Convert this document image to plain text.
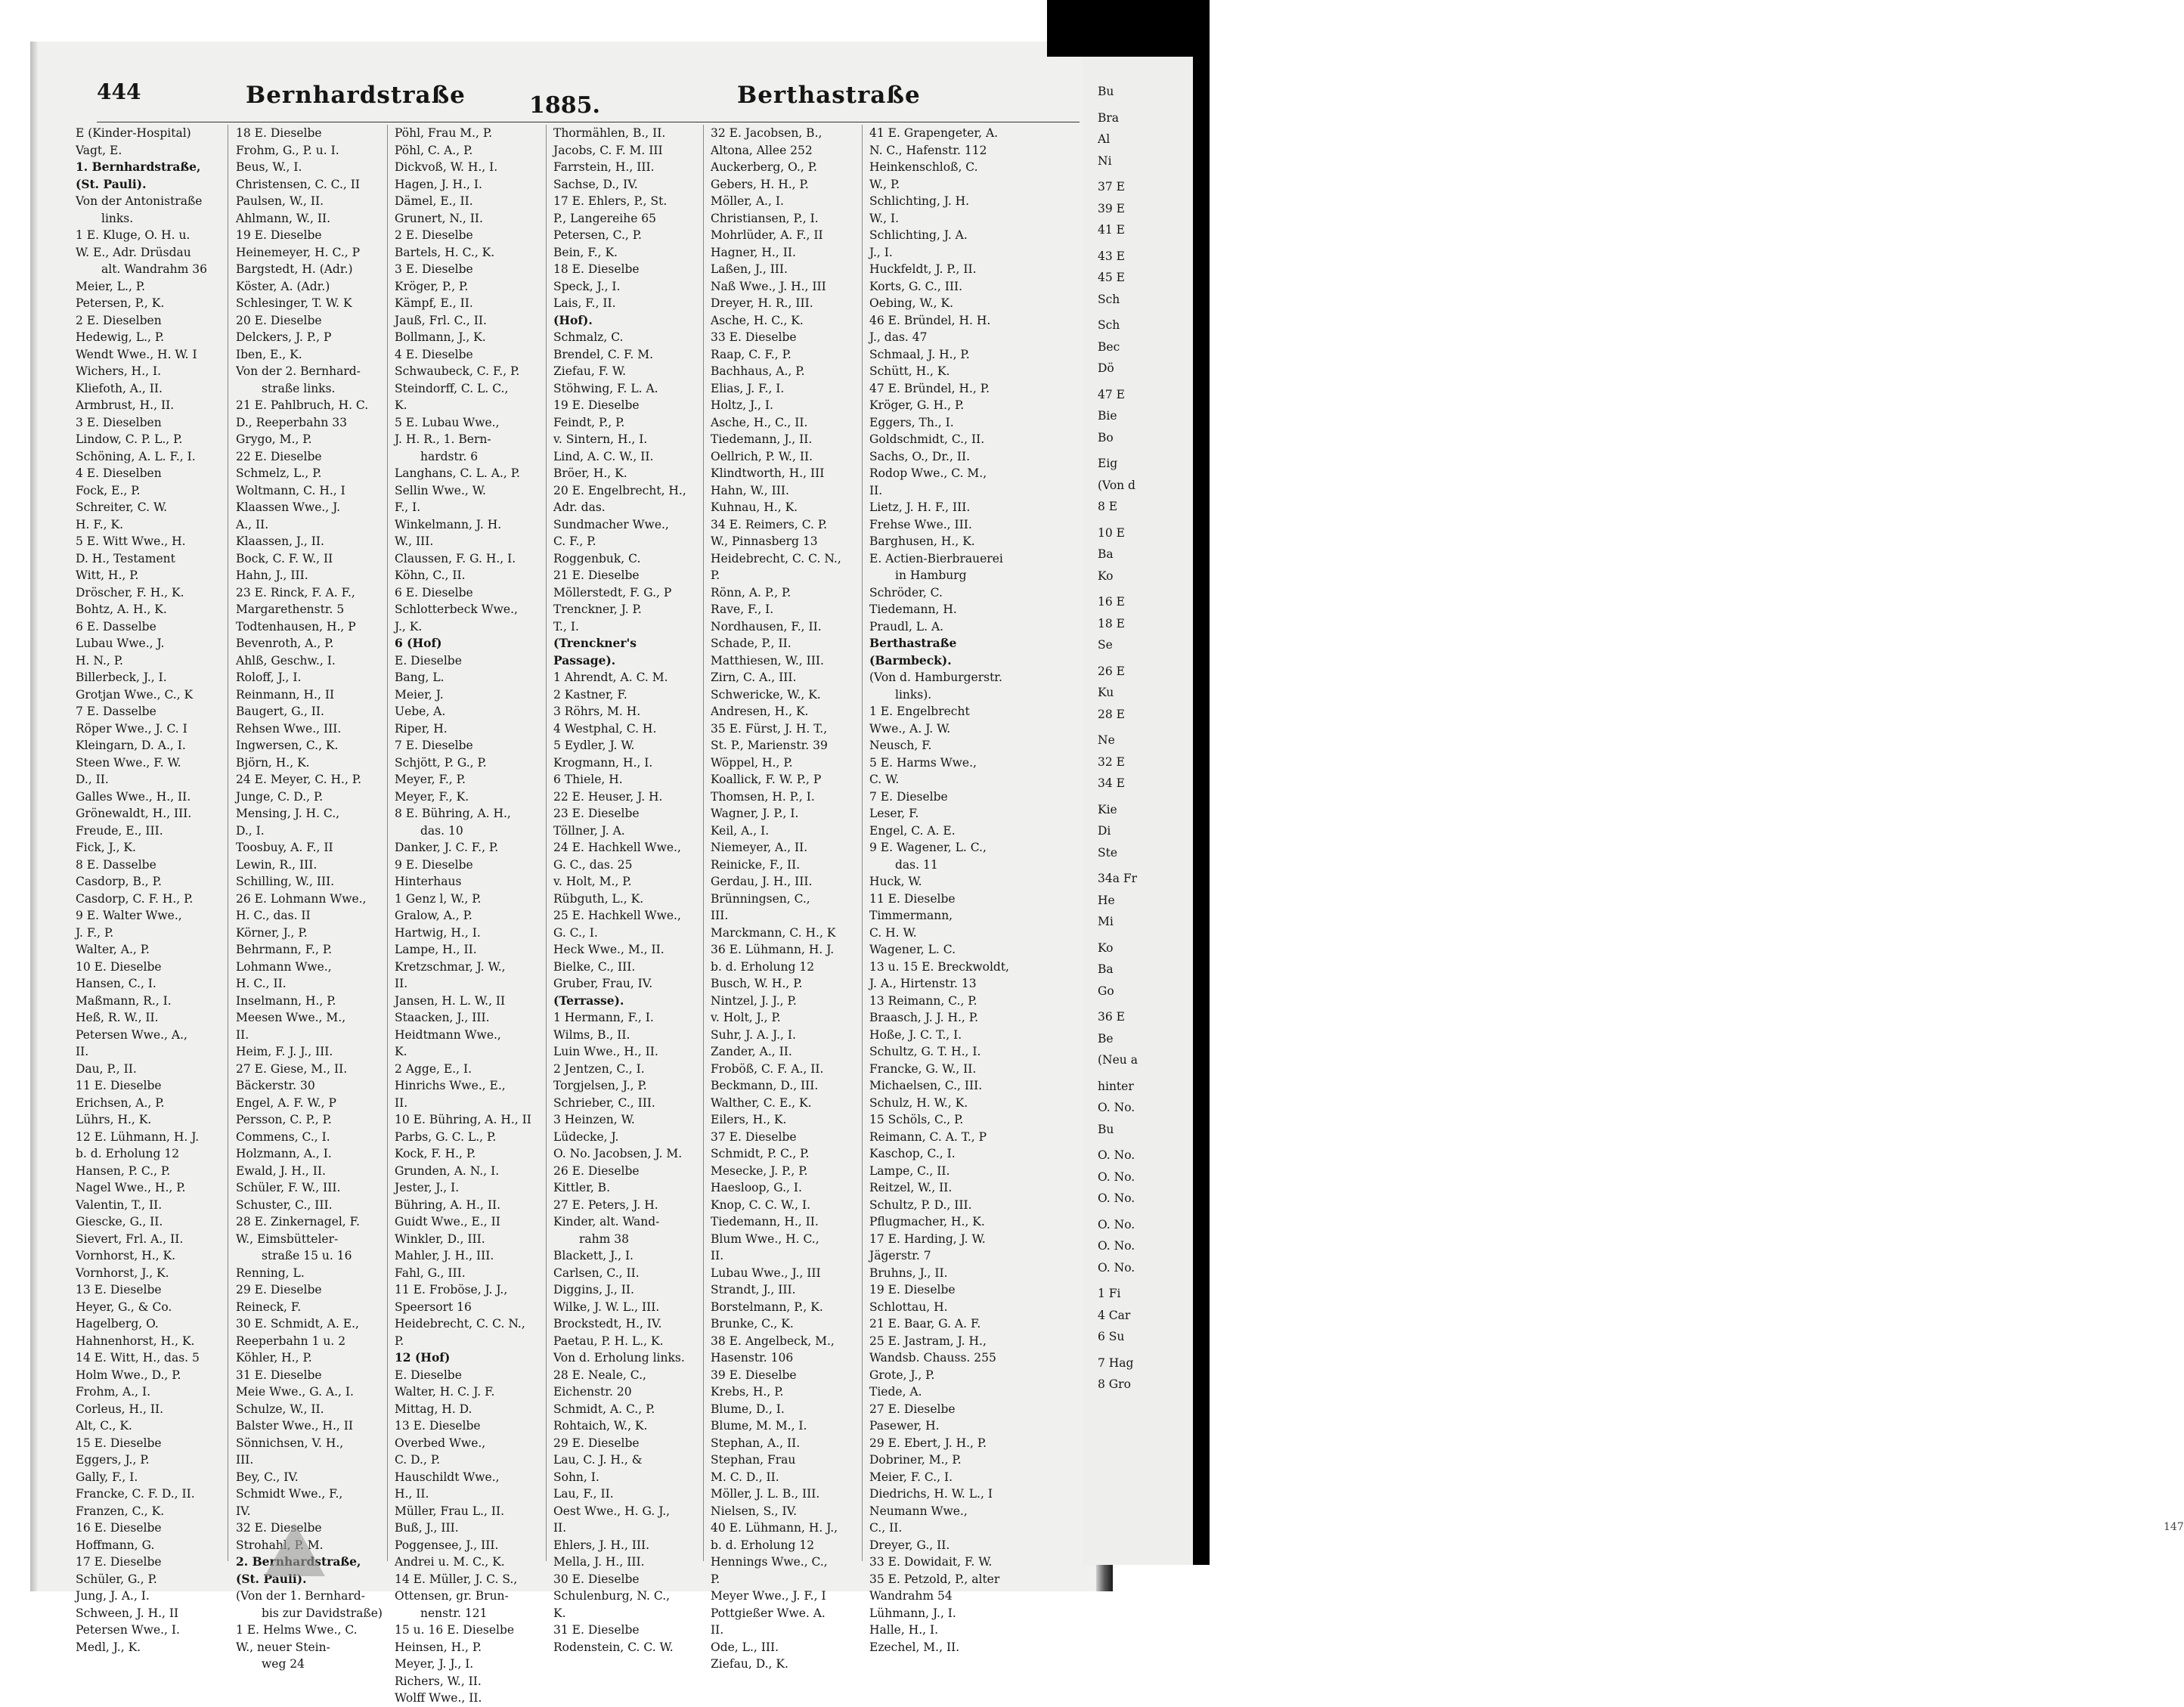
444	Bernhardstraße	1885.	Berthastraße
E (Kinder-Hospital)
Vagt, E.
1. Bernhardstraße,
(St. Pauli).
Von der Antonistraße
links.
1 E. Kluge, O. H. u.
W. E., Adr. Drüsdau
alt. Wandrahm 36
Meier, L., P.
Petersen, P., K.
2 E. Dieselben
Hedewig, L., P.
Wendt Wwe., H. W. I
Wichers, H., I.
Kliefoth, A., II.
Armbrust, H., II.
3 E. Dieselben
Lindow, C. P. L., P.
Schöning, A. L. F., I.
4 E. Dieselben
Fock, E., P.
Schreiter, C. W.
H. F., K.
5 E. Witt Wwe., H.
D. H., Testament
Witt, H., P.
Dröscher, F. H., K.
Bohtz, A. H., K.
6 E. Dasselbe
Lubau Wwe., J.
H. N., P.
Billerbeck, J., I.
Grotjan Wwe., C., K
7 E. Dasselbe
Röper Wwe., J. C. I
Kleingarn, D. A., I.
Steen Wwe., F. W.
D., II.
Galles Wwe., H., II.
Grönewaldt, H., III.
Freude, E., III.
Fick, J., K.
8 E. Dasselbe
Casdorp, B., P.
Casdorp, C. F. H., P.
9 E. Walter Wwe.,
J. F., P.
Walter, A., P.
10 E. Dieselbe
Hansen, C., I.
Maßmann, R., I.
Heß, R. W., II.
Petersen Wwe., A.,
II.
Dau, P., II.
11 E. Dieselbe
Erichsen, A., P.
Lührs, H., K.
12 E. Lühmann, H. J.
b. d. Erholung 12
Hansen, P. C., P.
Nagel Wwe., H., P.
Valentin, T., II.
Giescke, G., II.
Sievert, Frl. A., II.
Vornhorst, H., K.
Vornhorst, J., K.
13 E. Dieselbe
Heyer, G., & Co.
Hagelberg, O.
Hahnenhorst, H., K.
14 E. Witt, H., das. 5
Holm Wwe., D., P.
Frohm, A., I.
Corleus, H., II.
Alt, C., K.
15 E. Dieselbe
Eggers, J., P.
Gally, F., I.
Francke, C. F. D., II.
Franzen, C., K.
16 E. Dieselbe
Hoffmann, G.
17 E. Dieselbe
Schüler, G., P.
Jung, J. A., I.
Schween, J. H., II
Petersen Wwe., I.
Medl, J., K.
18 E. Dieselbe
Frohm, G., P. u. I.
Beus, W., I.
Christensen, C. C., II
Paulsen, W., II.
Ahlmann, W., II.
19 E. Dieselbe
Heinemeyer, H. C., P
Bargstedt, H. (Adr.)
Köster, A. (Adr.)
Schlesinger, T. W. K
20 E. Dieselbe
Delckers, J. P., P
Iben, E., K.
Von der 2. Bernhard-
straße links.
21 E. Pahlbruch, H. C.
D., Reeperbahn 33
Grygo, M., P.
22 E. Dieselbe
Schmelz, L., P.
Woltmann, C. H., I
Klaassen Wwe., J.
A., II.
Klaassen, J., II.
Bock, C. F. W., II
Hahn, J., III.
23 E. Rinck, F. A. F.,
Margarethenstr. 5
Todtenhausen, H., P
Bevenroth, A., P.
Ahlß, Geschw., I.
Roloff, J., I.
Reinmann, H., II
Baugert, G., II.
Rehsen Wwe., III.
Ingwersen, C., K.
Björn, H., K.
24 E. Meyer, C. H., P.
Junge, C. D., P.
Mensing, J. H. C.,
D., I.
Toosbuy, A. F., II
Lewin, R., III.
Schilling, W., III.
26 E. Lohmann Wwe.,
H. C., das. II
Körner, J., P.
Behrmann, F., P.
Lohmann Wwe.,
H. C., II.
Inselmann, H., P.
Meesen Wwe., M.,
II.
Heim, F. J. J., III.
27 E. Giese, M., II.
Bäckerstr. 30
Engel, A. F. W., P
Persson, C. P., P.
Commens, C., I.
Holzmann, A., I.
Ewald, J. H., II.
Schüler, F. W., III.
Schuster, C., III.
28 E. Zinkernagel, F.
W., Eimsbütteler-
straße 15 u. 16
Renning, L.
29 E. Dieselbe
Reineck, F.
30 E. Schmidt, A. E.,
Reeperbahn 1 u. 2
Köhler, H., P.
31 E. Dieselbe
Meie Wwe., G. A., I.
Schulze, W., II.
Balster Wwe., H., II
Sönnichsen, V. H.,
III.
Bey, C., IV.
Schmidt Wwe., F.,
IV.
32 E. Dieselbe
Strohahl, P. M.
2. Bernhardstraße,
(St. Pauli).
(Von der 1. Bernhard-
bis zur Davidstraße)
1 E. Helms Wwe., C.
W., neuer Stein-
weg 24
Pöhl, Frau M., P.
Pöhl, C. A., P.
Dickvoß, W. H., I.
Hagen, J. H., I.
Dämel, E., II.
Grunert, N., II.
2 E. Dieselbe
Bartels, H. C., K.
3 E. Dieselbe
Kröger, P., P.
Kämpf, E., II.
Jauß, Frl. C., II.
Bollmann, J., K.
4 E. Dieselbe
Schwaubeck, C. F., P.
Steindorff, C. L. C.,
K.
5 E. Lubau Wwe.,
J. H. R., 1. Bern-
hardstr. 6
Langhans, C. L. A., P.
Sellin Wwe., W.
F., I.
Winkelmann, J. H.
W., III.
Claussen, F. G. H., I.
Köhn, C., II.
6 E. Dieselbe
Schlotterbeck Wwe.,
J., K.
6 (Hof)
E. Dieselbe
Bang, L.
Meier, J.
Uebe, A.
Riper, H.
7 E. Dieselbe
Schjött, P. G., P.
Meyer, F., P.
Meyer, F., K.
8 E. Bühring, A. H.,
das. 10
Danker, J. C. F., P.
9 E. Dieselbe
Hinterhaus
1 Genz l, W., P.
Gralow, A., P.
Hartwig, H., I.
Lampe, H., II.
Kretzschmar, J. W.,
II.
Jansen, H. L. W., II
Staacken, J., III.
Heidtmann Wwe.,
K.
2 Agge, E., I.
Hinrichs Wwe., E.,
II.
10 E. Bühring, A. H., II
Parbs, G. C. L., P.
Kock, F. H., P.
Grunden, A. N., I.
Jester, J., I.
Bühring, A. H., II.
Guidt Wwe., E., II
Winkler, D., III.
Mahler, J. H., III.
Fahl, G., III.
11 E. Froböse, J. J.,
Speersort 16
Heidebrecht, C. C. N.,
P.
12 (Hof)
E. Dieselbe
Walter, H. C. J. F.
Mittag, H. D.
13 E. Dieselbe
Overbed Wwe.,
C. D., P.
Hauschildt Wwe.,
H., II.
Müller, Frau L., II.
Buß, J., III.
Poggensee, J., III.
Andrei u. M. C., K.
14 E. Müller, J. C. S.,
Ottensen, gr. Brun-
nenstr. 121
15 u. 16 E. Dieselbe
Heinsen, H., P.
Meyer, J. J., I.
Richers, W., II.
Wolff Wwe., II.
Thormählen, B., II.
Jacobs, C. F. M. III
Farrstein, H., III.
Sachse, D., IV.
17 E. Ehlers, P., St.
P., Langereihe 65
Petersen, C., P.
Bein, F., K.
18 E. Dieselbe
Speck, J., I.
Lais, F., II.
(Hof).
Schmalz, C.
Brendel, C. F. M.
Ziefau, F. W.
Stöhwing, F. L. A.
19 E. Dieselbe
Feindt, P., P.
v. Sintern, H., I.
Lind, A. C. W., II.
Bröer, H., K.
20 E. Engelbrecht, H.,
Adr. das.
Sundmacher Wwe.,
C. F., P.
Roggenbuk, C.
21 E. Dieselbe
Möllerstedt, F. G., P
Trenckner, J. P.
T., I.
(Trenckner's
Passage).
1 Ahrendt, A. C. M.
2 Kastner, F.
3 Röhrs, M. H.
4 Westphal, C. H.
5 Eydler, J. W.
Krogmann, H., I.
6 Thiele, H.
22 E. Heuser, J. H.
23 E. Dieselbe
Töllner, J. A.
24 E. Hachkell Wwe.,
G. C., das. 25
v. Holt, M., P.
Rübguth, L., K.
25 E. Hachkell Wwe.,
G. C., I.
Heck Wwe., M., II.
Bielke, C., III.
Gruber, Frau, IV.
(Terrasse).
1 Hermann, F., I.
Wilms, B., II.
Luin Wwe., H., II.
2 Jentzen, C., I.
Torgjelsen, J., P.
Schrieber, C., III.
3 Heinzen, W.
Lüdecke, J.
O. No. Jacobsen, J. M.
26 E. Dieselbe
Kittler, B.
27 E. Peters, J. H.
Kinder, alt. Wand-
rahm 38
Blackett, J., I.
Carlsen, C., II.
Diggins, J., II.
Wilke, J. W. L., III.
Brockstedt, H., IV.
Paetau, P. H. L., K.
Von d. Erholung links.
28 E. Neale, C.,
Eichenstr. 20
Schmidt, A. C., P.
Rohtaich, W., K.
29 E. Dieselbe
Lau, C. J. H., &
Sohn, I.
Lau, F., II.
Oest Wwe., H. G. J.,
II.
Ehlers, J. H., III.
Mella, J. H., III.
30 E. Dieselbe
Schulenburg, N. C.,
K.
31 E. Dieselbe
Rodenstein, C. C. W.
32 E. Jacobsen, B.,
Altona, Allee 252
Auckerberg, O., P.
Gebers, H. H., P.
Möller, A., I.
Christiansen, P., I.
Mohrlüder, A. F., II
Hagner, H., II.
Laßen, J., III.
Naß Wwe., J. H., III
Dreyer, H. R., III.
Asche, H. C., K.
33 E. Dieselbe
Raap, C. F., P.
Bachhaus, A., P.
Elias, J. F., I.
Holtz, J., I.
Asche, H., C., II.
Tiedemann, J., II.
Oellrich, P. W., II.
Klindtworth, H., III
Hahn, W., III.
Kuhnau, H., K.
34 E. Reimers, C. P.
W., Pinnasberg 13
Heidebrecht, C. C. N.,
P.
Rönn, A. P., P.
Rave, F., I.
Nordhausen, F., II.
Schade, P., II.
Matthiesen, W., III.
Zirn, C. A., III.
Schwericke, W., K.
Andresen, H., K.
35 E. Fürst, J. H. T.,
St. P., Marienstr. 39
Wöppel, H., P.
Koallick, F. W. P., P
Thomsen, H. P., I.
Wagner, J. P., I.
Keil, A., I.
Niemeyer, A., II.
Reinicke, F., II.
Gerdau, J. H., III.
Brünningsen, C.,
III.
Marckmann, C. H., K
36 E. Lühmann, H. J.
b. d. Erholung 12
Busch, W. H., P.
Nintzel, J. J., P.
v. Holt, J., P.
Suhr, J. A. J., I.
Zander, A., II.
Froböß, C. F. A., II.
Beckmann, D., III.
Walther, C. E., K.
Eilers, H., K.
37 E. Dieselbe
Schmidt, P. C., P.
Mesecke, J. P., P.
Haesloop, G., I.
Knop, C. C. W., I.
Tiedemann, H., II.
Blum Wwe., H. C.,
II.
Lubau Wwe., J., III
Strandt, J., III.
Borstelmann, P., K.
Brunke, C., K.
38 E. Angelbeck, M.,
Hasenstr. 106
39 E. Dieselbe
Krebs, H., P.
Blume, D., I.
Blume, M. M., I.
Stephan, A., II.
Stephan, Frau
M. C. D., II.
Möller, J. L. B., III.
Nielsen, S., IV.
40 E. Lühmann, H. J.,
b. d. Erholung 12
Hennings Wwe., C.,
P.
Meyer Wwe., J. F., I
Pottgießer Wwe. A.
II.
Ode, L., III.
Ziefau, D., K.
41 E. Grapengeter, A.
N. C., Hafenstr. 112
Heinkenschloß, C.
W., P.
Schlichting, J. H.
W., I.
Schlichting, J. A.
J., I.
Huckfeldt, J. P., II.
Korts, G. C., III.
Oebing, W., K.
46 E. Bründel, H. H.
J., das. 47
Schmaal, J. H., P.
Schütt, H., K.
47 E. Bründel, H., P.
Kröger, G. H., P.
Eggers, Th., I.
Goldschmidt, C., II.
Sachs, O., Dr., II.
Rodop Wwe., C. M.,
II.
Lietz, J. H. F., III.
Frehse Wwe., III.
Barghusen, H., K.
E. Actien-Bierbrauerei
in Hamburg
Schröder, C.
Tiedemann, H.
Praudl, L. A.
Berthastraße
(Barmbeck).
(Von d. Hamburgerstr.
links).
1 E. Engelbrecht
Wwe., A. J. W.
Neusch, F.
5 E. Harms Wwe.,
C. W.
7 E. Dieselbe
Leser, F.
Engel, C. A. E.
9 E. Wagener, L. C.,
das. 11
Huck, W.
11 E. Dieselbe
Timmermann,
C. H. W.
Wagener, L. C.
13 u. 15 E. Breckwoldt,
J. A., Hirtenstr. 13
13 Reimann, C., P.
Braasch, J. J. H., P.
Hoße, J. C. T., I.
Schultz, G. T. H., I.
Francke, G. W., II.
Michaelsen, C., III.
Schulz, H. W., K.
15 Schöls, C., P.
Reimann, C. A. T., P
Kaschop, C., I.
Lampe, C., II.
Reitzel, W., II.
Schultz, P. D., III.
Pflugmacher, H., K.
17 E. Harding, J. W.
Jägerstr. 7
Bruhns, J., II.
19 E. Dieselbe
Schlottau, H.
21 E. Baar, G. A. F.
25 E. Jastram, J. H.,
Wandsb. Chauss. 255
Grote, J., P.
Tiede, A.
27 E. Dieselbe
Pasewer, H.
29 E. Ebert, J. H., P.
Dobriner, M., P.
Meier, F. C., I.
Diedrichs, H. W. L., I
Neumann Wwe.,
C., II.
Dreyer, G., II.
33 E. Dowidait, F. W.
35 E. Petzold, P., alter
Wandrahm 54
Lühmann, J., I.
Halle, H., I.
Ezechel, M., II.
Bu
Bra
Al
Ni
37 E
39 E
41 E
43 E
45 E
Sch
Sch
Bec
Dö
47 E
Bie
Bo
Eig
(Von d
8 E
10 E
Ba
Ko
16 E
18 E
Se
26 E
Ku
28 E
Ne
32 E
34 E
Kie
Di
Ste
34a Fr
He
Mi
Ko
Ba
Go
36 E
Be
(Neu a
hinter
O. No.
Bu
O. No.
O. No.
O. No.
O. No.
O. No.
O. No.
1 Fi
4 Car
6 Su
7 Hag
8 Gro
147
